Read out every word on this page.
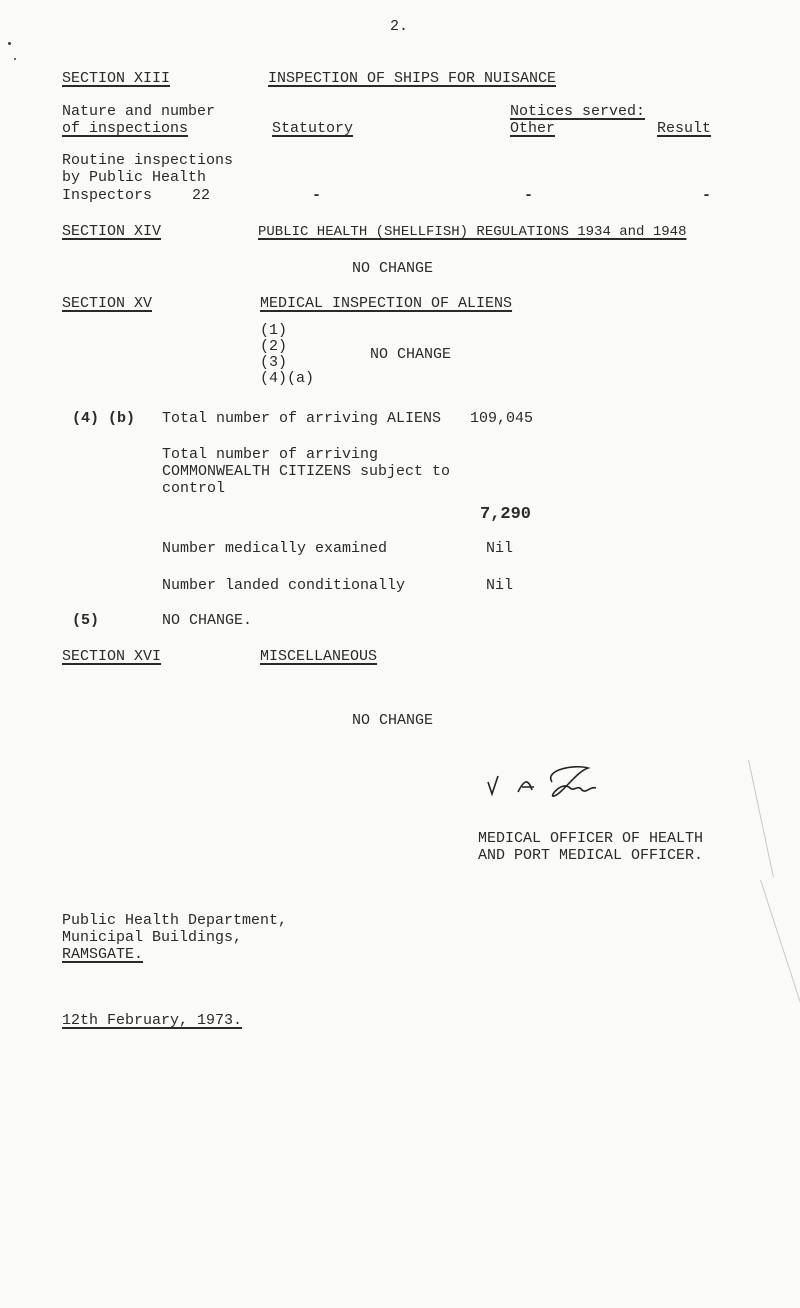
2.
SECTION XIII	INSPECTION OF SHIPS FOR NUISANCE
Nature and number
of inspections	Statutory
Notices served:
Other	Result
Routine inspections
by Public Health
Inspectors	22	-	-	-
SECTION XIV	PUBLIC HEALTH (SHELLFISH) REGULATIONS 1934 and 1948
NO CHANGE
SECTION XV	MEDICAL INSPECTION OF ALIENS
(1)
(2)
(3)
(4)(a)
NO CHANGE
(4) (b) Total number of arriving ALIENS 109,045
Total number of arriving
COMMONWEALTH CITIZENS subject to
control
7,290
Number medically examined	Nil
Number landed conditionally	Nil
(5)	NO CHANGE.
SECTION XVI	MISCELLANEOUS
NO CHANGE
MEDICAL OFFICER OF HEALTH
AND PORT MEDICAL OFFICER.
Public Health Department,
Municipal Buildings,
RAMSGATE.
12th February, 1973.
